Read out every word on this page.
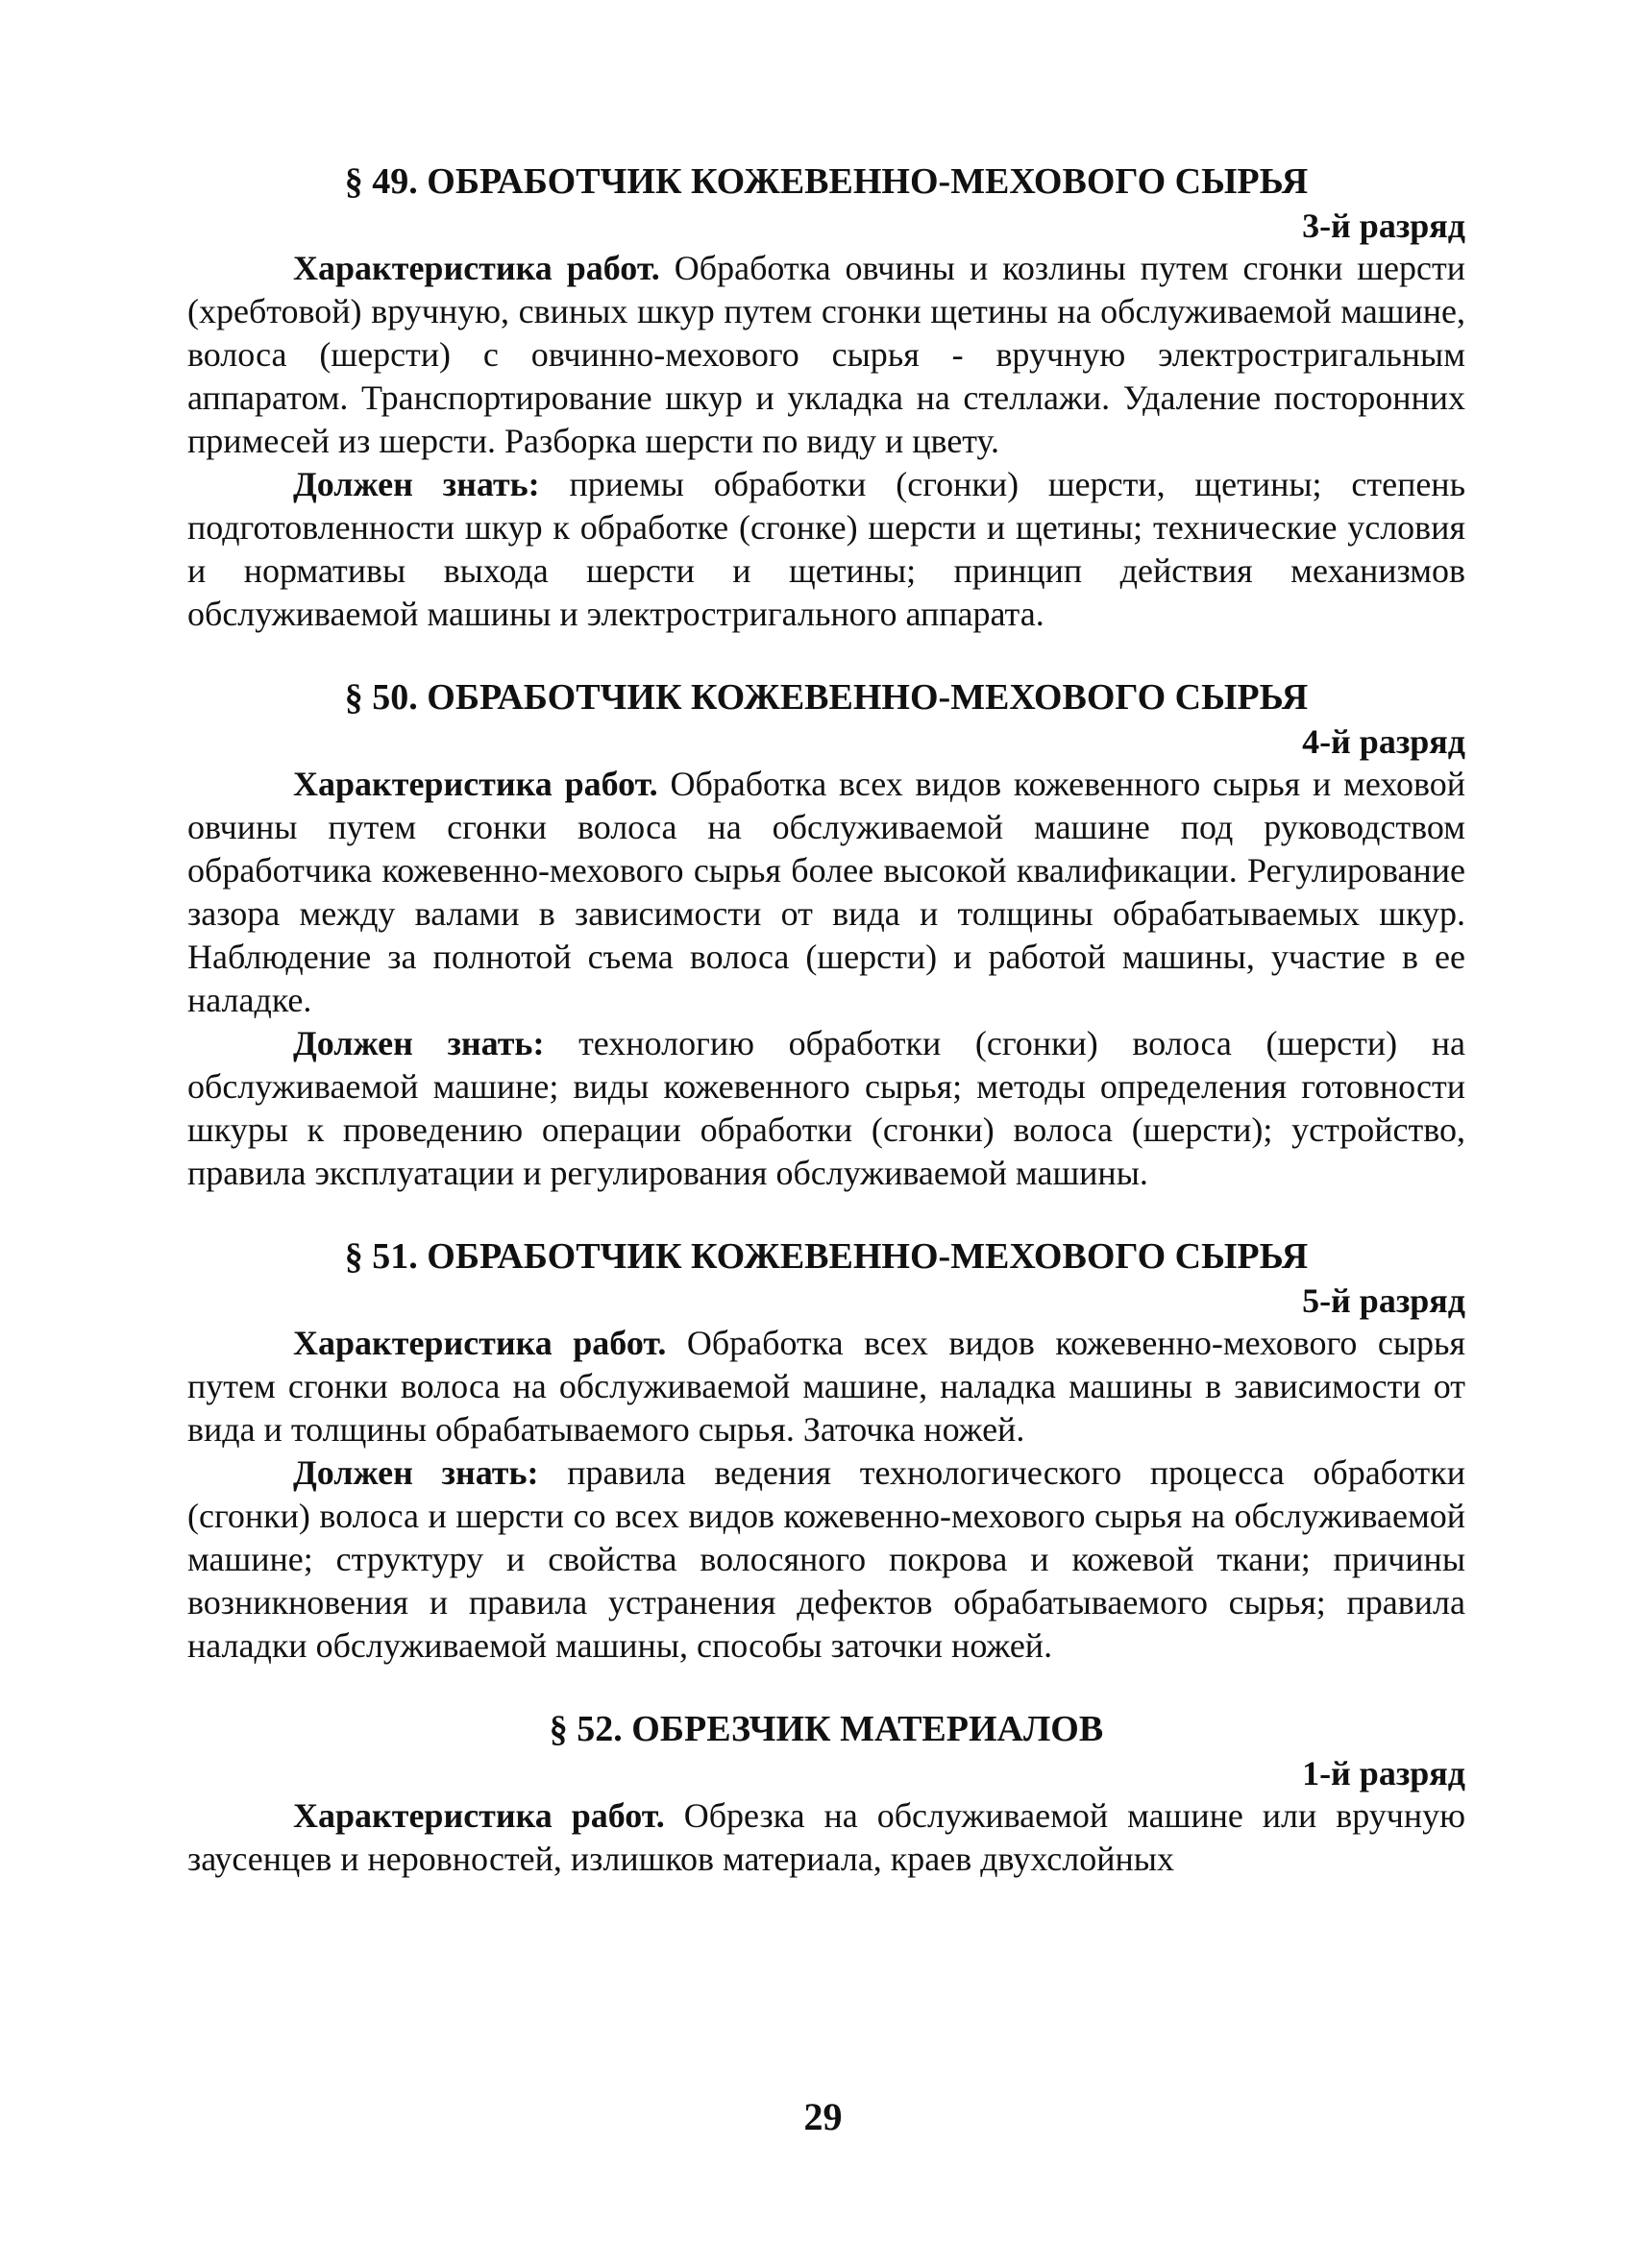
§ 49. ОБРАБОТЧИК КОЖЕВЕННО-МЕХОВОГО СЫРЬЯ

3-й разряд

Характеристика работ. Обработка овчины и козлины путем сгонки шерсти (хребтовой) вручную, свиных шкур путем сгонки щетины на обслуживаемой машине, волоса (шерсти) с овчинно-мехового сырья - вручную электростригальным аппаратом. Транспортирование шкур и укладка на стеллажи. Удаление посторонних примесей из шерсти. Разборка шерсти по виду и цвету.

Должен знать: приемы обработки (сгонки) шерсти, щетины; степень подготовленности шкур к обработке (сгонке) шерсти и щетины; технические условия и нормативы выхода шерсти и щетины; принцип действия механизмов обслуживаемой машины и электростригального аппарата.

§ 50. ОБРАБОТЧИК КОЖЕВЕННО-МЕХОВОГО СЫРЬЯ

4-й разряд

Характеристика работ. Обработка всех видов кожевенного сырья и меховой овчины путем сгонки волоса на обслуживаемой машине под руководством обработчика кожевенно-мехового сырья более высокой квалификации. Регулирование зазора между валами в зависимости от вида и толщины обрабатываемых шкур. Наблюдение за полнотой съема волоса (шерсти) и работой машины, участие в ее наладке.

Должен знать: технологию обработки (сгонки) волоса (шерсти) на обслуживаемой машине; виды кожевенного сырья; методы определения готовности шкуры к проведению операции обработки (сгонки) волоса (шерсти); устройство, правила эксплуатации и регулирования обслуживаемой машины.

§ 51. ОБРАБОТЧИК КОЖЕВЕННО-МЕХОВОГО СЫРЬЯ

5-й разряд

Характеристика работ. Обработка всех видов кожевенно-мехового сырья путем сгонки волоса на обслуживаемой машине, наладка машины в зависимости от вида и толщины обрабатываемого сырья. Заточка ножей.

Должен знать: правила ведения технологического процесса обработки (сгонки) волоса и шерсти со всех видов кожевенно-мехового сырья на обслуживаемой машине; структуру и свойства волосяного покрова и кожевой ткани; причины возникновения и правила устранения дефектов обрабатываемого сырья; правила наладки обслуживаемой машины, способы заточки ножей.

§ 52. ОБРЕЗЧИК МАТЕРИАЛОВ

1-й разряд

Характеристика работ. Обрезка на обслуживаемой машине или вручную заусенцев и неровностей, излишков материала, краев двухслойных

29
